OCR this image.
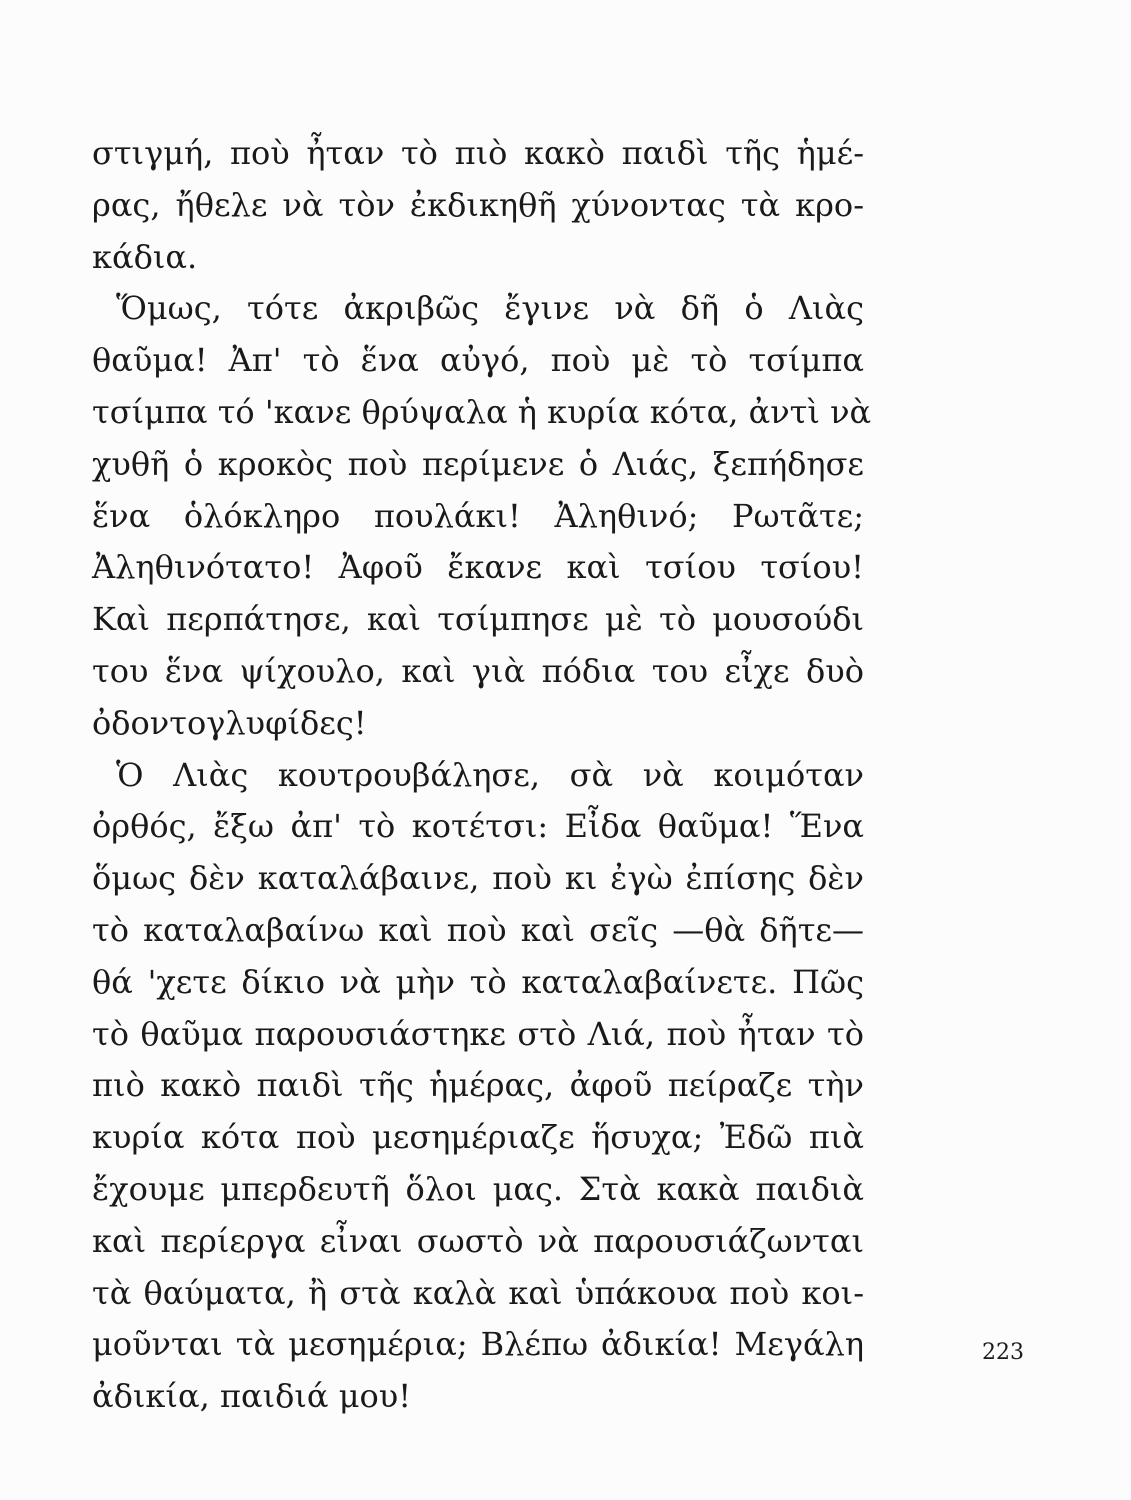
στιγμή, ποὺ ἦταν τὸ πιὸ κακὸ παιδὶ τῆς ἡμέ-
ρας, ἤθελε νὰ τὸν ἐκδικηθῆ χύνοντας τὰ κρο-
κάδια.
Ὅμως, τότε ἀκριβῶς ἔγινε νὰ δῆ ὁ Λιὰς
θαῦμα! Ἀπ' τὸ ἕνα αὐγό, ποὺ μὲ τὸ τσίμπα
τσίμπα τό 'κανε θρύψαλα ἡ κυρία κότα, ἀντὶ νὰ
χυθῆ ὁ κροκὸς ποὺ περίμενε ὁ Λιάς, ξεπήδησε
ἕνα ὁλόκληρο πουλάκι! Ἀληθινό; Ρωτᾶτε;
Ἀληθινότατο! Ἀφοῦ ἔκανε καὶ τσίου τσίου!
Καὶ περπάτησε, καὶ τσίμπησε μὲ τὸ μουσούδι
του ἕνα ψίχουλο, καὶ γιὰ πόδια του εἶχε δυὸ
ὀδοντογλυφίδες!
Ὁ Λιὰς κουτρουβάλησε, σὰ νὰ κοιμόταν
ὀρθός, ἔξω ἀπ' τὸ κοτέτσι: Εἶδα θαῦμα! Ἕνα
ὅμως δὲν καταλάβαινε, ποὺ κι ἐγὼ ἐπίσης δὲν
τὸ καταλαβαίνω καὶ ποὺ καὶ σεῖς —θὰ δῆτε—
θά 'χετε δίκιο νὰ μὴν τὸ καταλαβαίνετε. Πῶς
τὸ θαῦμα παρουσιάστηκε στὸ Λιά, ποὺ ἦταν τὸ
πιὸ κακὸ παιδὶ τῆς ἡμέρας, ἀφοῦ πείραζε τὴν
κυρία κότα ποὺ μεσημέριαζε ἥσυχα; Ἐδῶ πιὰ
ἔχουμε μπερδευτῆ ὅλοι μας. Στὰ κακὰ παιδιὰ
καὶ περίεργα εἶναι σωστὸ νὰ παρουσιάζωνται
τὰ θαύματα, ἢ στὰ καλὰ καὶ ὑπάκουα ποὺ κοι-
μοῦνται τὰ μεσημέρια; Βλέπω ἀδικία! Μεγάλη
ἀδικία, παιδιά μου!
223
